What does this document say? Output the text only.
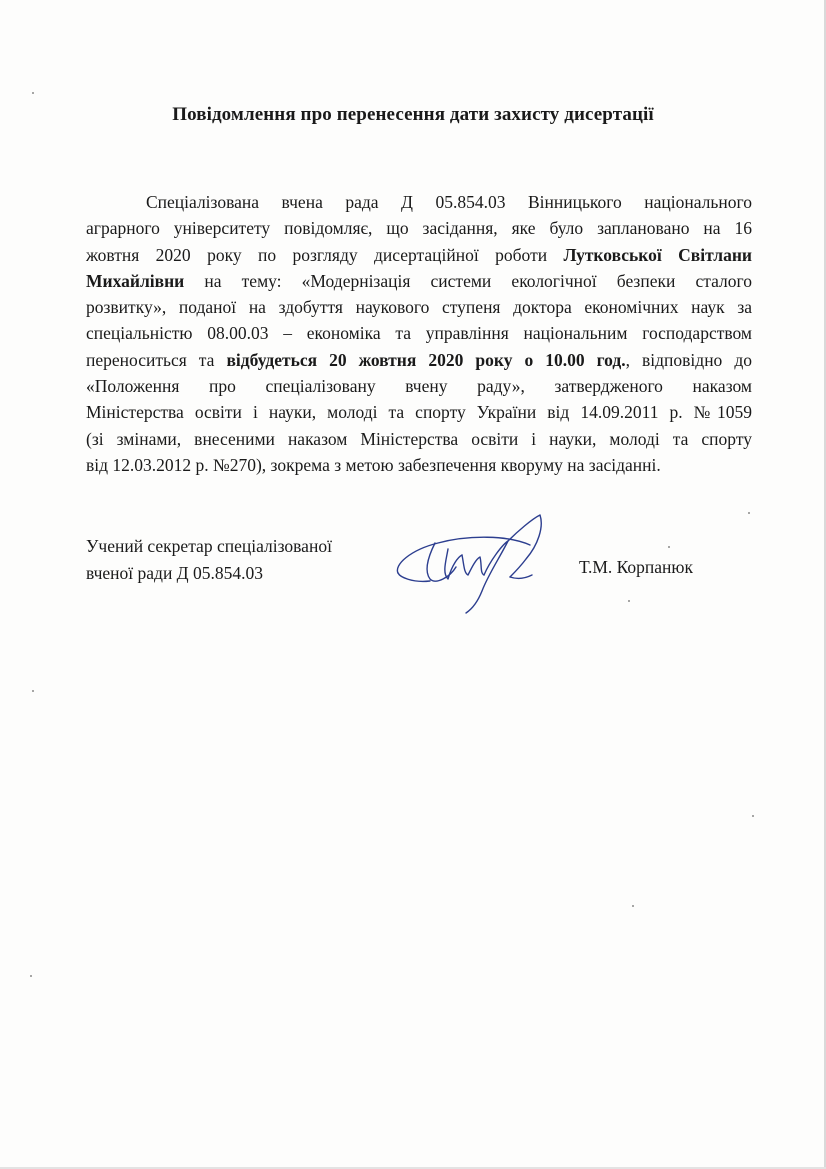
Повідомлення про перенесення дати захисту дисертації
Спеціалізована вчена рада Д 05.854.03 Вінницького національного
аграрного університету повідомляє, що засідання, яке було заплановано на 16
жовтня 2020 року по розгляду дисертаційної роботи Лутковської Світлани
Михайлівни на тему: «Модернізація системи екологічної безпеки сталого
розвитку», поданої на здобуття наукового ступеня доктора економічних наук за
спеціальністю 08.00.03 – економіка та управління національним господарством
переноситься та відбудеться 20 жовтня 2020 року о 10.00 год., відповідно до
«Положення про спеціалізовану вчену раду», затвердженого наказом
Міністерства освіти і науки, молоді та спорту України від 14.09.2011 р. №1059
(зі змінами, внесеними наказом Міністерства освіти і науки, молоді та спорту
від 12.03.2012 р. №270), зокрема з метою забезпечення кворуму на засіданні.
Учений секретар спеціалізованої
вченої ради Д 05.854.03	Т.М. Корпанюк
